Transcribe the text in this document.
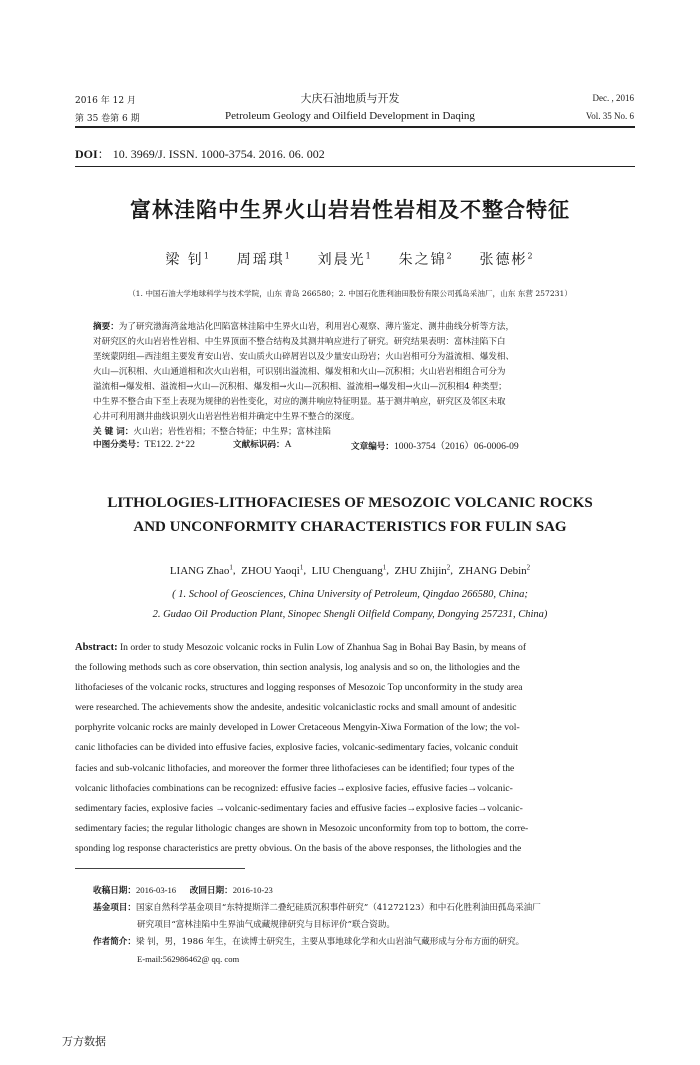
2016 年 12 月
第 35 卷第 6 期
大庆石油地质与开发
Petroleum Geology and Oilfield Development in Daqing
Dec. , 2016
Vol. 35 No. 6
DOI： 10. 3969/J. ISSN. 1000-3754. 2016. 06. 002
富林洼陷中生界火山岩岩性岩相及不整合特征
梁 钊$^1$ 周瑶琪$^1$ 刘晨光$^1$ 朱之锦$^2$ 张德彬$^2$
（1. 中国石油大学地球科学与技术学院，山东 青岛 266580；2. 中国石化胜利油田股份有限公司孤岛采油厂，山东 东营 257231）
摘要：为了研究渤海湾盆地沾化凹陷富林洼陷中生界火山岩，利用岩心观察、薄片鉴定、测井曲线分析等方法，
对研究区的火山岩岩性岩相、中生界顶面不整合结构及其测井响应进行了研究。研究结果表明：富林洼陷下白
垩统蒙阴组—西洼组主要发育安山岩、安山质火山碎屑岩以及少量安山玢岩；火山岩相可分为溢流相、爆发相、
火山—沉积相、火山通道相和次火山岩相，可识别出溢流相、爆发相和火山—沉积相；火山岩岩相组合可分为
溢流相→爆发相、溢流相→火山—沉积相、爆发相→火山—沉积相、溢流相→爆发相→火山—沉积相4 种类型；
中生界不整合由下至上表现为规律的岩性变化，对应的测井响应特征明显。基于测井响应，研究区及邻区未取
心井可利用测井曲线识别火山岩岩性岩相并确定中生界不整合的深度。
关 键 词：火山岩；岩性岩相；不整合特征；中生界；富林洼陷
中图分类号：TE122. 2⁺22	文献标识码：A	文章编号：1000-3754（2016）06-0006-09
LITHOLOGIES-LITHOFACIESES OF MESOZOIC VOLCANIC ROCKS
AND UNCONFORMITY CHARACTERISTICS FOR FULIN SAG
LIANG Zhao$^1$,  ZHOU Yaoqi$^1$,  LIU Chenguang$^1$,  ZHU Zhijin$^2$,  ZHANG Debin$^2$
( 1. School of Geosciences, China University of Petroleum, Qingdao 266580, China;
2. Gudao Oil Production Plant, Sinopec Shengli Oilfield Company, Dongying 257231, China)
Abstract: In order to study Mesozoic volcanic rocks in Fulin Low of Zhanhua Sag in Bohai Bay Basin, by means of
the following methods such as core observation, thin section analysis, log analysis and so on, the lithologies and the
lithofacieses of the volcanic rocks, structures and logging responses of Mesozoic Top unconformity in the study area
were researched. The achievements show the andesite, andesitic volcaniclastic rocks and small amount of andesitic
porphyrite volcanic rocks are mainly developed in Lower Cretaceous Mengyin-Xiwa Formation of the low; the vol-
canic lithofacies can be divided into effusive facies, explosive facies, volcanic-sedimentary facies, volcanic conduit
facies and sub-volcanic lithofacies, and moreover the former three lithofacieses can be identified; four types of the
volcanic lithofacies combinations can be recognized: effusive facies→explosive facies, effusive facies→volcanic-
sedimentary facies, explosive facies →volcanic-sedimentary facies and effusive facies→explosive facies→volcanic-
sedimentary facies; the regular lithologic changes are shown in Mesozoic unconformity from top to bottom, the corre-
sponding log response characteristics are pretty obvious. On the basis of the above responses, the lithologies and the
收稿日期：2016-03-16 改回日期：2016-10-23
基金项目：国家自然科学基金项目“东特提斯洋二叠纪硅质沉积事件研究”（41272123）和中石化胜利油田孤岛采油厂
研究项目“富林洼陷中生界油气成藏规律研究与目标评价”联合资助。
作者简介：梁 钊，男，1986 年生，在读博士研究生，主要从事地球化学和火山岩油气藏形成与分布方面的研究。
E-mail:562986462@ qq. com
万方数据
